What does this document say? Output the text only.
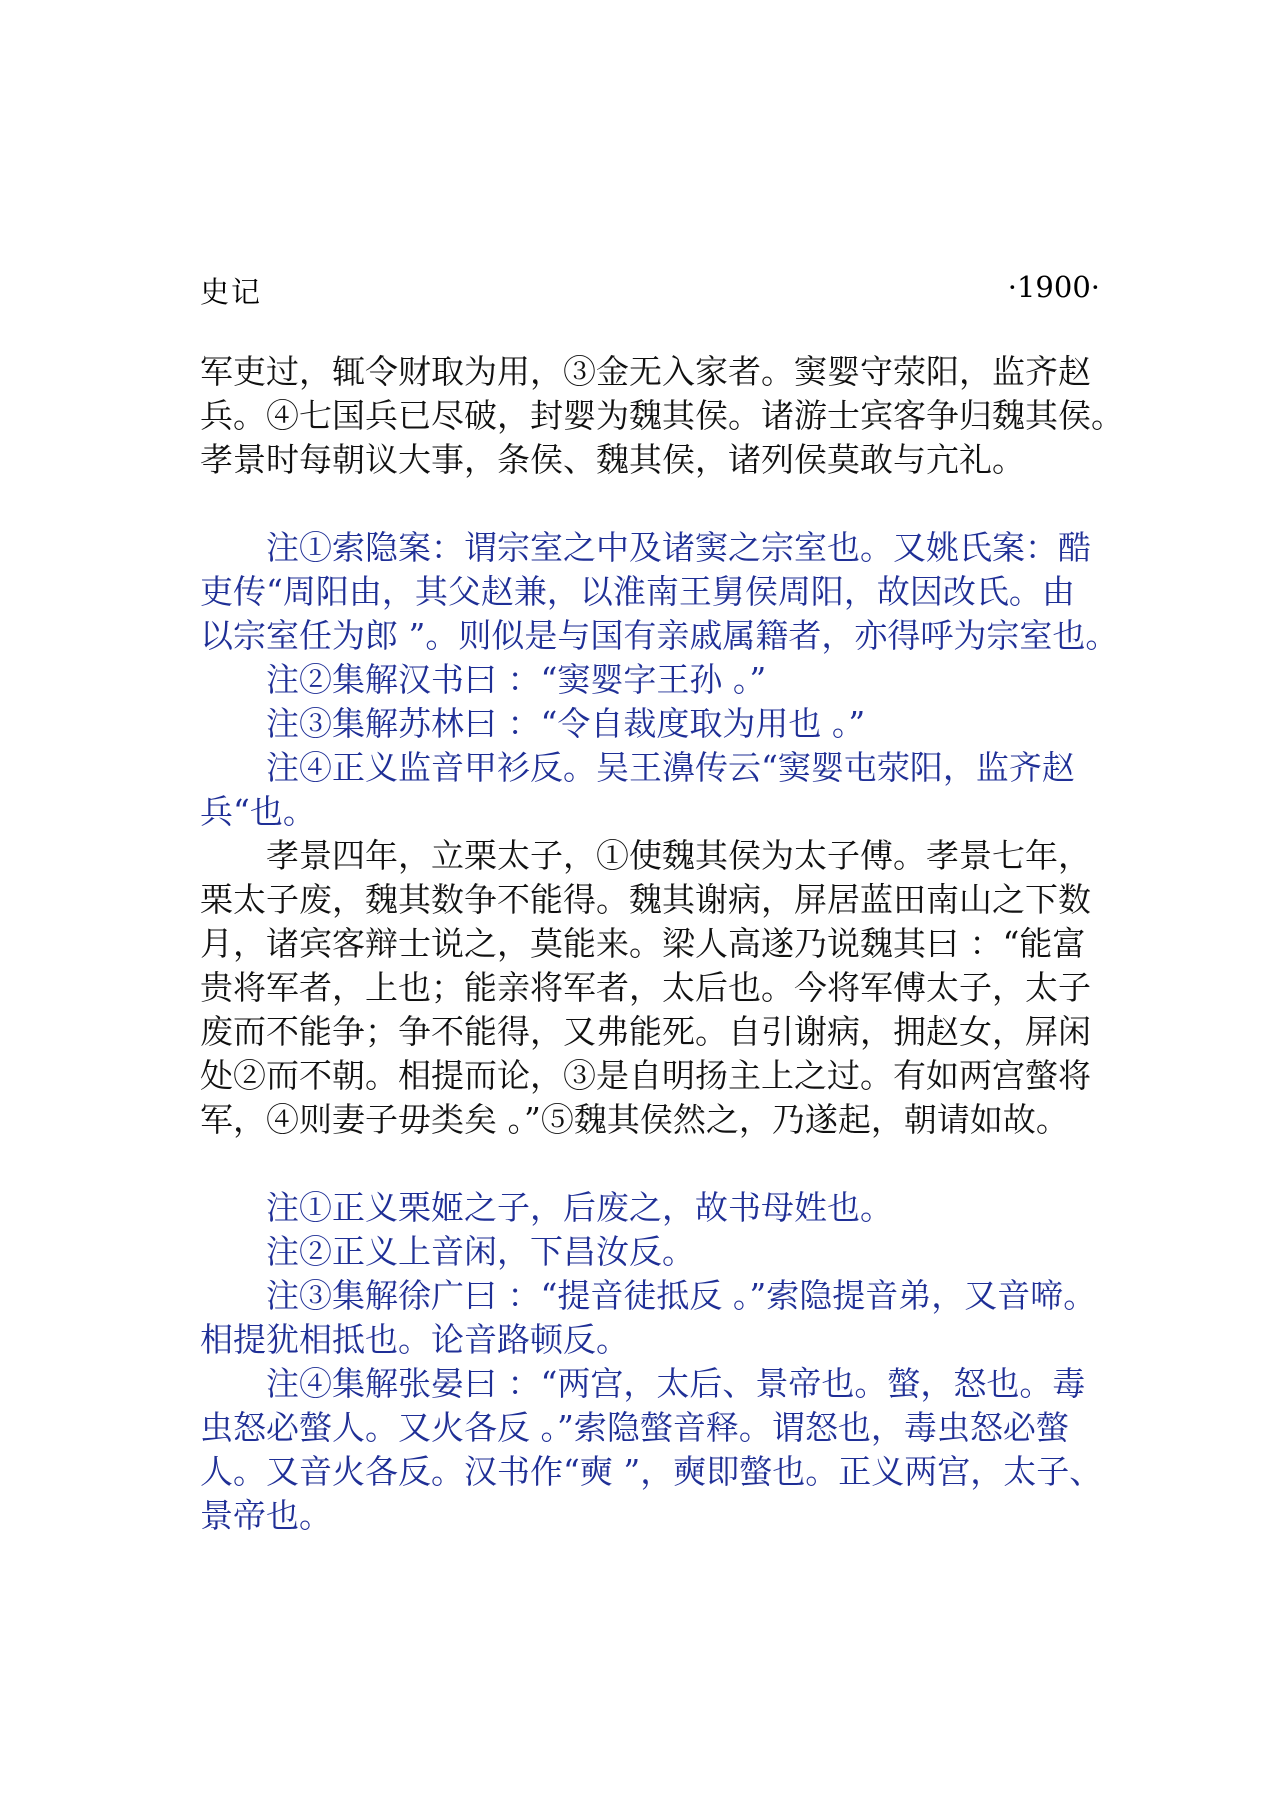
史记	·1900·

军吏过，辄令财取为用，③金无入家者。窦婴守荥阳，监齐赵

兵。④七国兵已尽破，封婴为魏其侯。诸游士宾客争归魏其侯。

孝景时每朝议大事，条侯、魏其侯，诸列侯莫敢与亢礼。

注①索隐案：谓宗室之中及诸窦之宗室也。又姚氏案：酷

吏传“周阳由，其父赵兼，以淮南王舅侯周阳，故因改氏。由

以宗室任为郎 ”。则似是与国有亲戚属籍者，亦得呼为宗室也。

注②集解汉书曰 ：“窦婴字王孙 。”

注③集解苏林曰 ：“令自裁度取为用也 。”

注④正义监音甲衫反。吴王濞传云“窦婴屯荥阳，监齐赵

兵“也。

孝景四年，立栗太子，①使魏其侯为太子傅。孝景七年，

栗太子废，魏其数争不能得。魏其谢病，屏居蓝田南山之下数

月，诸宾客辩士说之，莫能来。梁人高遂乃说魏其曰 ：“能富

贵将军者，上也；能亲将军者，太后也。今将军傅太子，太子

废而不能争；争不能得，又弗能死。自引谢病，拥赵女，屏闲

处②而不朝。相提而论，③是自明扬主上之过。有如两宫螫将

军，④则妻子毋类矣 。”⑤魏其侯然之，乃遂起，朝请如故。

注①正义栗姬之子，后废之，故书母姓也。

注②正义上音闲，下昌汝反。

注③集解徐广曰 ：“提音徒抵反 。”索隐提音弟，又音啼。

相提犹相抵也。论音路顿反。

注④集解张晏曰 ：“两宫，太后、景帝也。螫，怒也。毒

虫怒必螫人。又火各反 。”索隐螫音释。谓怒也，毒虫怒必螫

人。又音火各反。汉书作“奭 ”，奭即螫也。正义两宫，太子、

景帝也。
